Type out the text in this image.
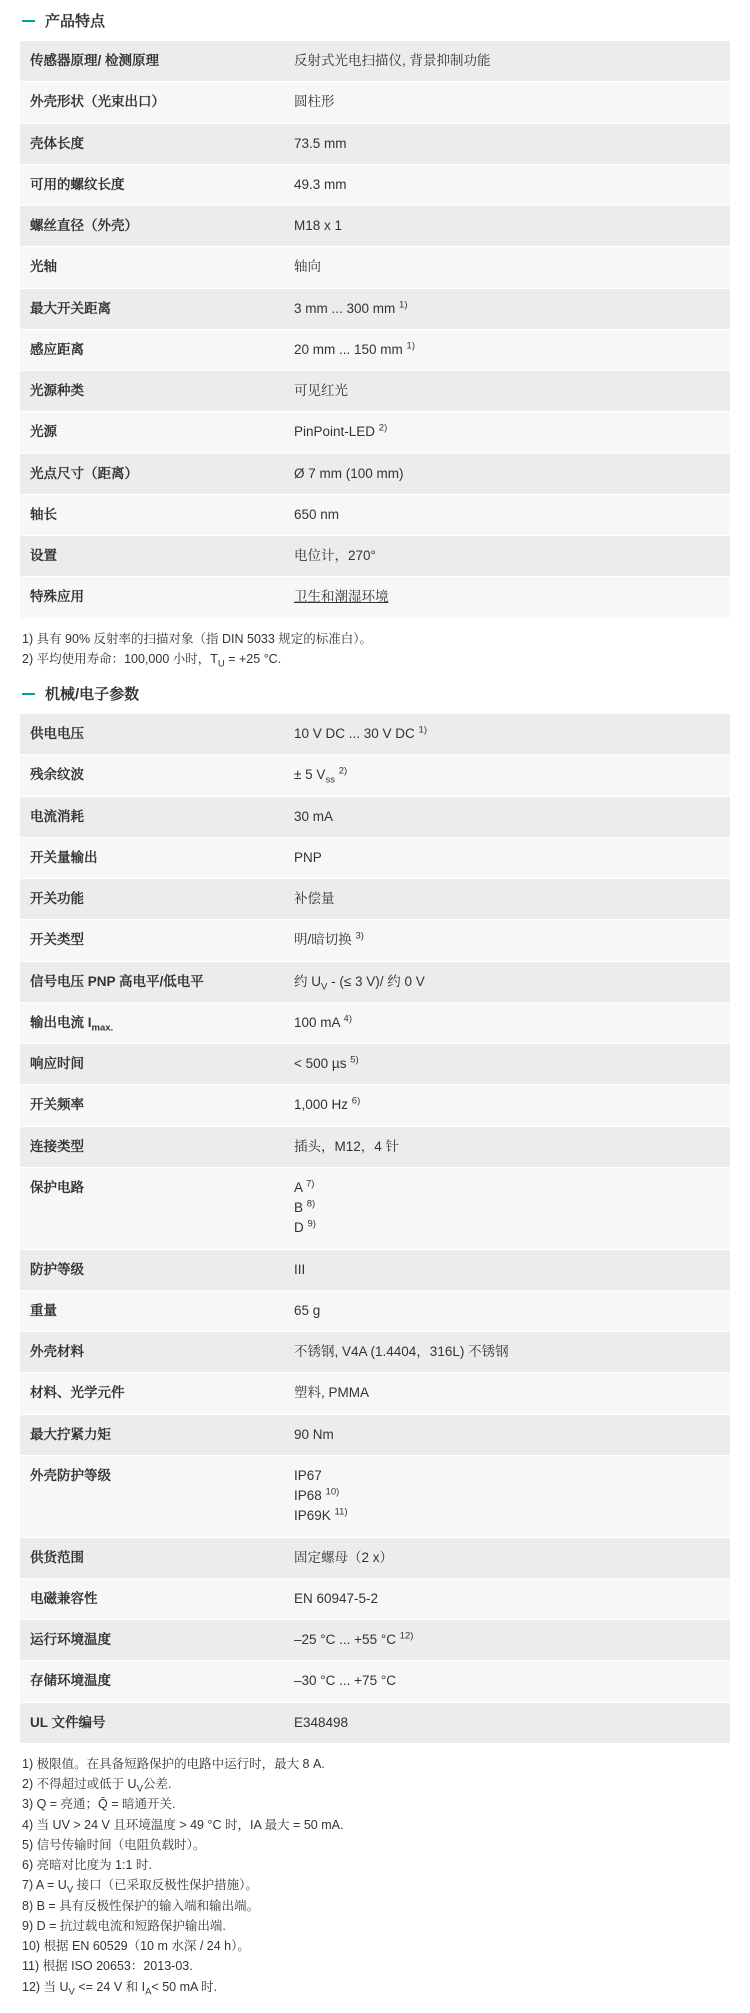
产品特点
传感器原理/ 检测原理	反射式光电扫描仪, 背景抑制功能

外壳形状（光束出口）	圆柱形

壳体长度	73.5 mm

可用的螺纹长度	49.3 mm

螺丝直径（外壳）	M18 x 1

光轴	轴向

最大开关距离	3 mm ... 300 mm $^{1)}$

感应距离	20 mm ... 150 mm $^{1)}$

光源种类	可见红光

光源	PinPoint-LED $^{2)}$

光点尺寸（距离）	Ø 7 mm (100 mm)

轴长	650 nm

设置	电位计，270°

特殊应用	卫生和潮湿环境
1) 具有 90% 反射率的扫描对象（指 DIN 5033 规定的标准白）。
2) 平均使用寿命：100,000 小时，$T_U = +25$ °C.
机械/电子参数
供电电压	10 V DC ... 30 V DC $^{1)}$

残余纹波	± 5 $V_{ss}$ $^{2)}$

电流消耗	30 mA

开关量输出	PNP

开关功能	补偿量

开关类型	明/暗切换 $^{3)}$

信号电压 PNP 高电平/低电平	约 $U_V$ - (≤ 3 V)/ 约 0 V

输出电流 $I_{max.}$	100 mA $^{4)}$

响应时间	< 500 µs $^{5)}$

开关频率	1,000 Hz $^{6)}$

连接类型	插头，M12，4 针

保护电路	A $^{7)}$
B $^{8)}$
D $^{9)}$

防护等级	III

重量	65 g

外壳材料	不锈钢, V4A (1.4404，316L) 不锈钢

材料、光学元件	塑料, PMMA

最大拧紧力矩	90 Nm

外壳防护等级	IP67
IP68 $^{10)}$
IP69K $^{11)}$

供货范围	固定螺母（2 x）

电磁兼容性	EN 60947-5-2

运行环境温度	–25 °C ... +55 °C $^{12)}$

存储环境温度	–30 °C ... +75 °C

UL 文件编号	E348498
1) 极限值。在具备短路保护的电路中运行时，最大 8 A.
2) 不得超过或低于 $U_V$公差.
3) Q = 亮通；Q̄ = 暗通开关.
4) 当 UV > 24 V 且环境温度 > 49 °C 时，IA 最大 = 50 mA.
5) 信号传输时间（电阻负载时）。
6) 亮暗对比度为 1:1 时.
7) $A = U_V$ 接口（已采取反极性保护措施）。
8) B = 具有反极性保护的输入端和输出端。
9) D = 抗过载电流和短路保护输出端.
10) 根据 EN 60529（10 m 水深 / 24 h）。
11) 根据 ISO 20653：2013-03.
12) 当 $U_V <= 24$ V 和 $I_A< 50$ mA 时.
